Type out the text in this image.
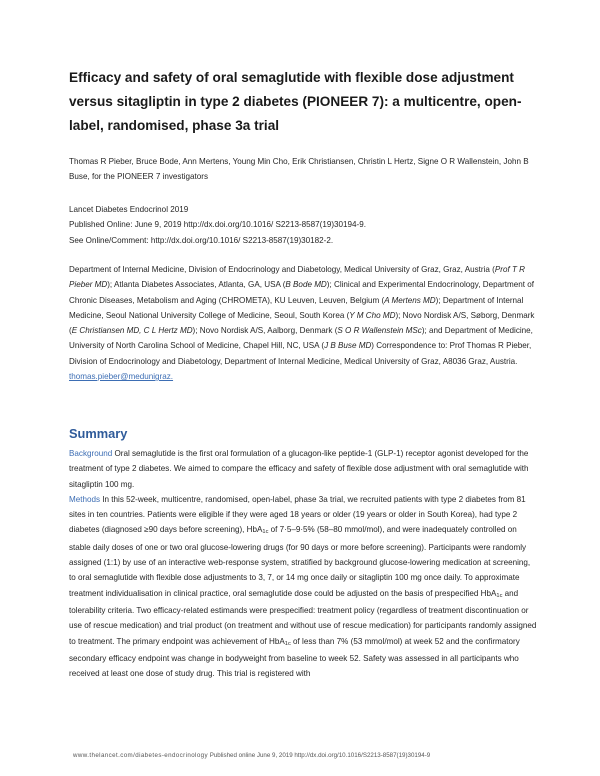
Efficacy and safety of oral semaglutide with flexible dose adjustment versus sitagliptin in type 2 diabetes (PIONEER 7): a multicentre, open-label, randomised, phase 3a trial
Thomas R Pieber, Bruce Bode, Ann Mertens, Young Min Cho, Erik Christiansen, Christin L Hertz, Signe O R Wallenstein, John B Buse, for the PIONEER 7 investigators
Lancet Diabetes Endocrinol 2019
Published Online: June 9, 2019 http://dx.doi.org/10.1016/ S2213-8587(19)30194-9.
See Online/Comment: http://dx.doi.org/10.1016/ S2213-8587(19)30182-2.
Department of Internal Medicine, Division of Endocrinology and Diabetology, Medical University of Graz, Graz, Austria (Prof T R Pieber MD); Atlanta Diabetes Associates, Atlanta, GA, USA (B Bode MD); Clinical and Experimental Endocrinology, Department of Chronic Diseases, Metabolism and Aging (CHROMETA), KU Leuven, Leuven, Belgium (A Mertens MD); Department of Internal Medicine, Seoul National University College of Medicine, Seoul, South Korea (Y M Cho MD); Novo Nordisk A/S, Søborg, Denmark (E Christiansen MD, C L Hertz MD); Novo Nordisk A/S, Aalborg, Denmark (S O R Wallenstein MSc); and Department of Medicine, University of North Carolina School of Medicine, Chapel Hill, NC, USA (J B Buse MD) Correspondence to: Prof Thomas R Pieber, Division of Endocrinology and Diabetology, Department of Internal Medicine, Medical University of Graz, A8036 Graz, Austria.
thomas.pieber@medunigraz.
Summary
Background Oral semaglutide is the first oral formulation of a glucagon-like peptide-1 (GLP-1) receptor agonist developed for the treatment of type 2 diabetes. We aimed to compare the efficacy and safety of flexible dose adjustment with oral semaglutide with sitagliptin 100 mg.
Methods In this 52-week, multicentre, randomised, open-label, phase 3a trial, we recruited patients with type 2 diabetes from 81 sites in ten countries. Patients were eligible if they were aged 18 years or older (19 years or older in South Korea), had type 2 diabetes (diagnosed ≥90 days before screening), HbA$_{1c}$ of 7·5–9·5% (58–80 mmol/mol), and were inadequately controlled on stable daily doses of one or two oral glucose-lowering drugs (for 90 days or more before screening). Participants were randomly assigned (1:1) by use of an interactive web-response system, stratified by background glucose-lowering medication at screening, to oral semaglutide with flexible dose adjustments to 3, 7, or 14 mg once daily or sitagliptin 100 mg once daily. To approximate treatment individualisation in clinical practice, oral semaglutide dose could be adjusted on the basis of prespecified HbA$_{1c}$ and tolerability criteria. Two efficacy-related estimands were prespecified: treatment policy (regardless of treatment discontinuation or use of rescue medication) and trial product (on treatment and without use of rescue medication) for participants randomly assigned to treatment. The primary endpoint was achievement of HbA$_{1c}$ of less than 7% (53 mmol/mol) at week 52 and the confirmatory secondary efficacy endpoint was change in bodyweight from baseline to week 52. Safety was assessed in all participants who received at least one dose of study drug. This trial is registered with
www.thelancet.com/diabetes-endocrinology Published online June 9, 2019 http://dx.doi.org/10.1016/S2213-8587(19)30194-9
